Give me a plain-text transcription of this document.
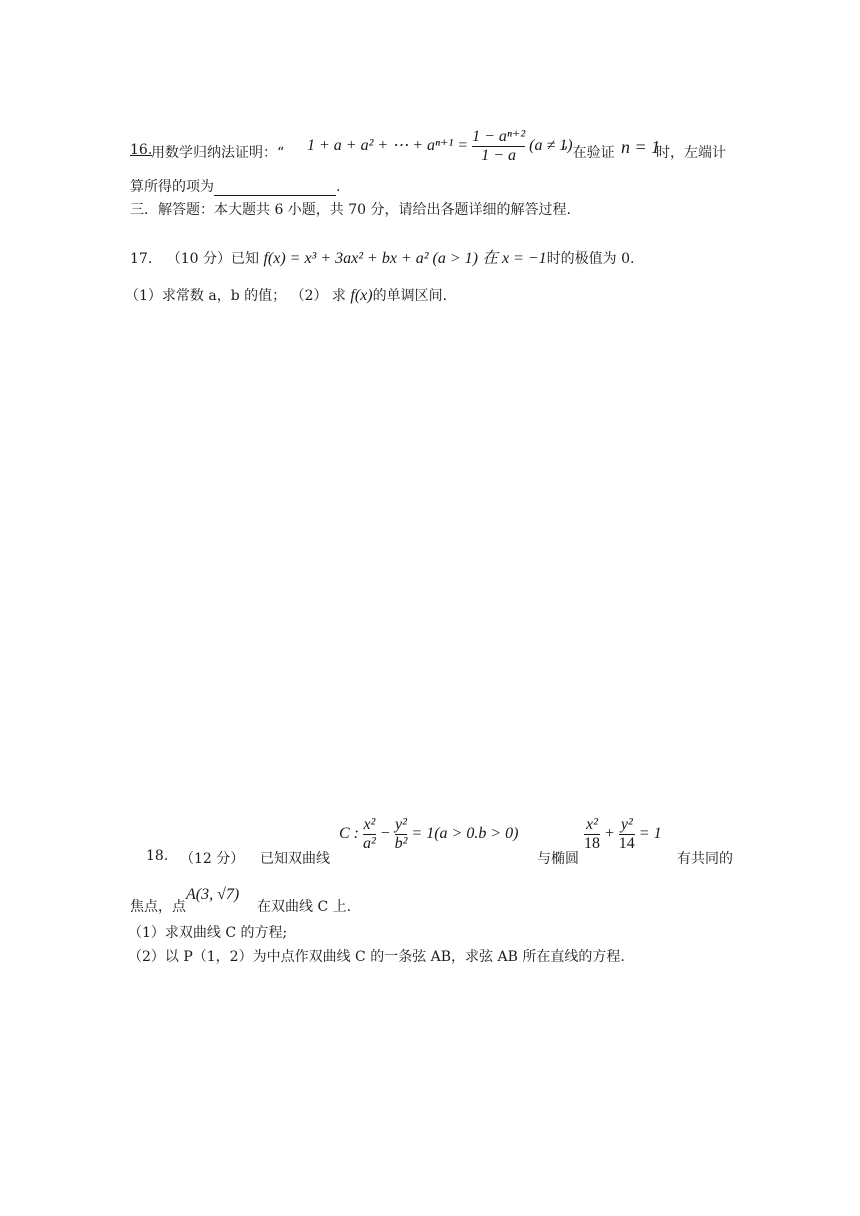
16.
用数学归纳法证明：“ 1 + a + a² + ⋯ + $a^{n+1} = \frac{\text{1 − aⁿ⁺²}}{1 - a} (a \ne 1)$
” 在验证 n = 1
时，左端计
算所得的项为	.
三．解答题：本大题共 6 小题，共 70 分，请给出各题详细的解答过程.
17. （10 分）已知 f(x) = x³ + 3ax² + bx + a² (a > 1) 在 x = −1时的极值为 0.
（1）求常数 a，b 的值； （2） 求 f(x)的单调区间.
18. （12 分） 已知双曲线
C : $\frac{\text{x²}}{\text{a²}} - \frac{\text{y²}}{\text{b²}} = 1(a > 0.b > 0)$
与椭圆
$\frac{\text{x²}}{18} + \frac{\text{y²}}{14} = 1$
有共同的
焦点，点
A(3, √7)
在双曲线 C 上.
（1）求双曲线 C 的方程;
（2）以 P（1，2）为中点作双曲线 C 的一条弦 AB，求弦 AB 所在直线的方程.
